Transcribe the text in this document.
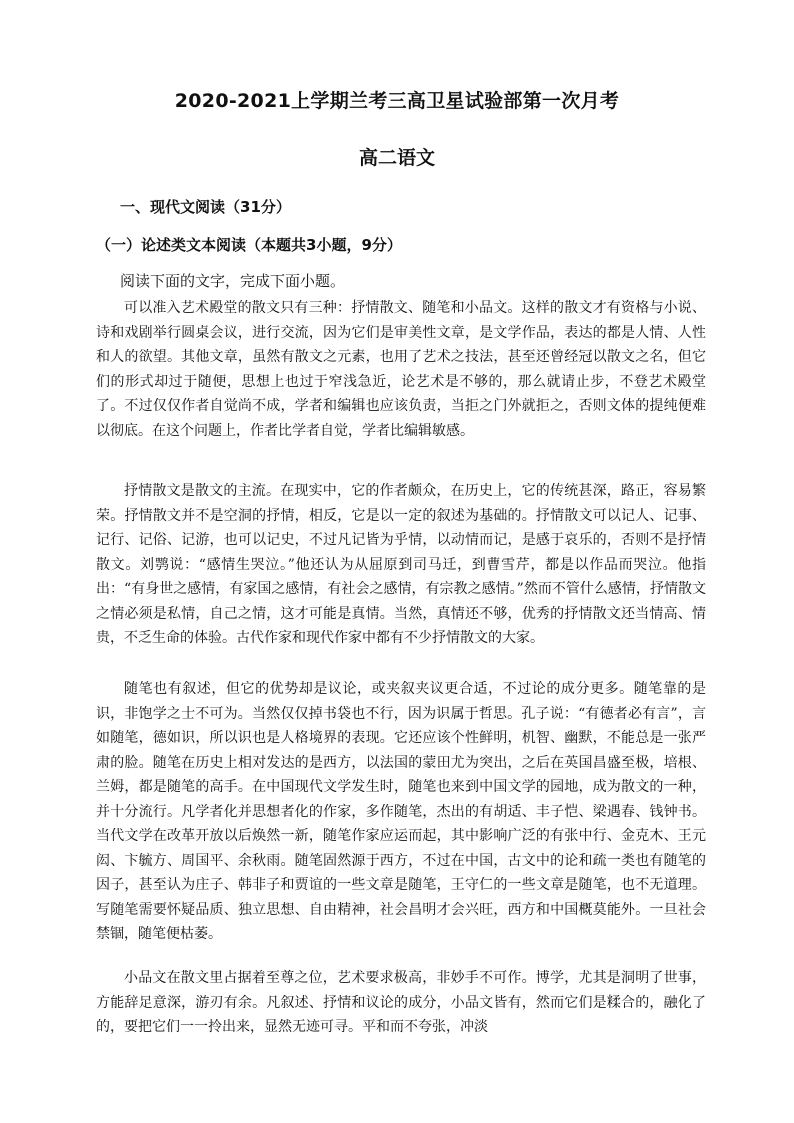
2020-2021上学期兰考三高卫星试验部第一次月考
高二语文
一、现代文阅读（31分）
（一）论述类文本阅读（本题共3小题，9分）

阅读下面的文字，完成下面小题。

可以准入艺术殿堂的散文只有三种：抒情散文、随笔和小品文。这样的散文才有资格与小说、诗和戏剧举行圆桌会议，进行交流，因为它们是审美性文章，是文学作品，表达的都是人情、人性和人的欲望。其他文章，虽然有散文之元素，也用了艺术之技法，甚至还曾经冠以散文之名，但它们的形式却过于随便，思想上也过于窄浅急近，论艺术是不够的，那么就请止步，不登艺术殿堂了。不过仅仅作者自觉尚不成，学者和编辑也应该负责，当拒之门外就拒之，否则文体的提纯便难以彻底。在这个问题上，作者比学者自觉，学者比编辑敏感。

抒情散文是散文的主流。在现实中，它的作者颇众，在历史上，它的传统甚深，路正，容易繁荣。抒情散文并不是空洞的抒情，相反，它是以一定的叙述为基础的。抒情散文可以记人、记事、记行、记俗、记游，也可以记史，不过凡记皆为乎情，以动情而记，是感于哀乐的，否则不是抒情散文。刘鹗说：“感情生哭泣。”他还认为从屈原到司马迁，到曹雪芹，都是以作品而哭泣。他指出：“有身世之感情，有家国之感情，有社会之感情，有宗教之感情。”然而不管什么感情，抒情散文之情必须是私情，自己之情，这才可能是真情。当然，真情还不够，优秀的抒情散文还当情高、情贵，不乏生命的体验。古代作家和现代作家中都有不少抒情散文的大家。

随笔也有叙述，但它的优势却是议论，或夹叙夹议更合适，不过论的成分更多。随笔靠的是识，非饱学之士不可为。当然仅仅掉书袋也不行，因为识属于哲思。孔子说：“有德者必有言”，言如随笔，德如识，所以识也是人格境界的表现。它还应该个性鲜明，机智、幽默，不能总是一张严肃的脸。随笔在历史上相对发达的是西方，以法国的蒙田尤为突出，之后在英国昌盛至极，培根、兰姆，都是随笔的高手。在中国现代文学发生时，随笔也来到中国文学的园地，成为散文的一种，并十分流行。凡学者化并思想者化的作家，多作随笔，杰出的有胡适、丰子恺、梁遇春、钱钟书。当代文学在改革开放以后焕然一新，随笔作家应运而起，其中影响广泛的有张中行、金克木、王元闳、卞毓方、周国平、余秋雨。随笔固然源于西方，不过在中国，古文中的论和疏一类也有随笔的因子，甚至认为庄子、韩非子和贾谊的一些文章是随笔，王守仁的一些文章是随笔，也不无道理。写随笔需要怀疑品质、独立思想、自由精神，社会昌明才会兴旺，西方和中国概莫能外。一旦社会禁锢，随笔便枯萎。

小品文在散文里占据着至尊之位，艺术要求极高，非妙手不可作。博学，尤其是洞明了世事，方能辞足意深，游刃有余。凡叙述、抒情和议论的成分，小品文皆有，然而它们是糅合的，融化了的，要把它们一一拎出来，显然无迹可寻。平和而不夸张，冲淡
